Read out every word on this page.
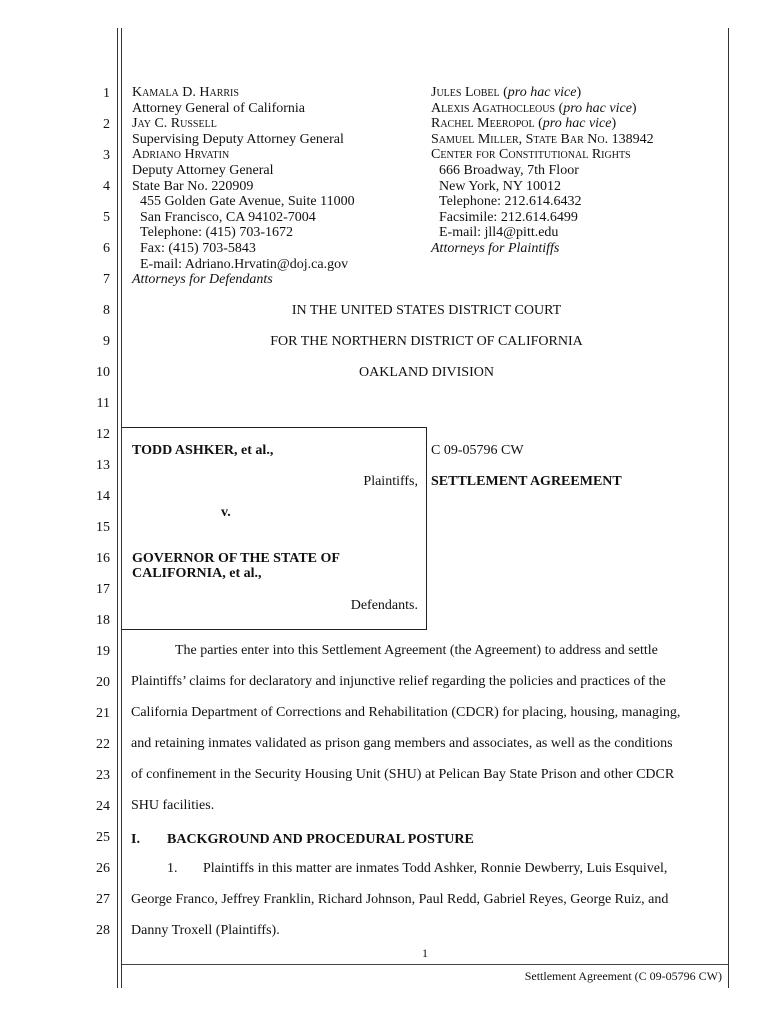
1
2
3
4
5
6
7
8
9
10
11
12
13
14
15
16
17
18
19
20
21
22
23
24
25
26
27
28
Kamala D. Harris
Attorney General of California
Jay C. Russell
Supervising Deputy Attorney General
Adriano Hrvatin
Deputy Attorney General
State Bar No. 220909
455 Golden Gate Avenue, Suite 11000
San Francisco, CA 94102-7004
Telephone: (415) 703-1672
Fax: (415) 703-5843
E-mail: Adriano.Hrvatin@doj.ca.gov
Attorneys for Defendants
Jules Lobel (pro hac vice)
Alexis Agathocleous (pro hac vice)
Rachel Meeropol (pro hac vice)
Samuel Miller, State Bar No. 138942
Center for Constitutional Rights
666 Broadway, 7th Floor
New York, NY 10012
Telephone: 212.614.6432
Facsimile: 212.614.6499
E-mail: jll4@pitt.edu
Attorneys for Plaintiffs
IN THE UNITED STATES DISTRICT COURT
FOR THE NORTHERN DISTRICT OF CALIFORNIA
OAKLAND DIVISION
TODD ASHKER, et al.,
Plaintiffs,
v.
GOVERNOR OF THE STATE OF
CALIFORNIA, et al.,
Defendants.
C 09-05796 CW
SETTLEMENT AGREEMENT
The parties enter into this Settlement Agreement (the Agreement) to address and settle
Plaintiffs’ claims for declaratory and injunctive relief regarding the policies and practices of the
California Department of Corrections and Rehabilitation (CDCR) for placing, housing, managing,
and retaining inmates validated as prison gang members and associates, as well as the conditions
of confinement in the Security Housing Unit (SHU) at Pelican Bay State Prison and other CDCR
SHU facilities.
I. BACKGROUND AND PROCEDURAL POSTURE
1. Plaintiffs in this matter are inmates Todd Ashker, Ronnie Dewberry, Luis Esquivel,
George Franco, Jeffrey Franklin, Richard Johnson, Paul Redd, Gabriel Reyes, George Ruiz, and
Danny Troxell (Plaintiffs).
1
Settlement Agreement (C 09-05796 CW)
